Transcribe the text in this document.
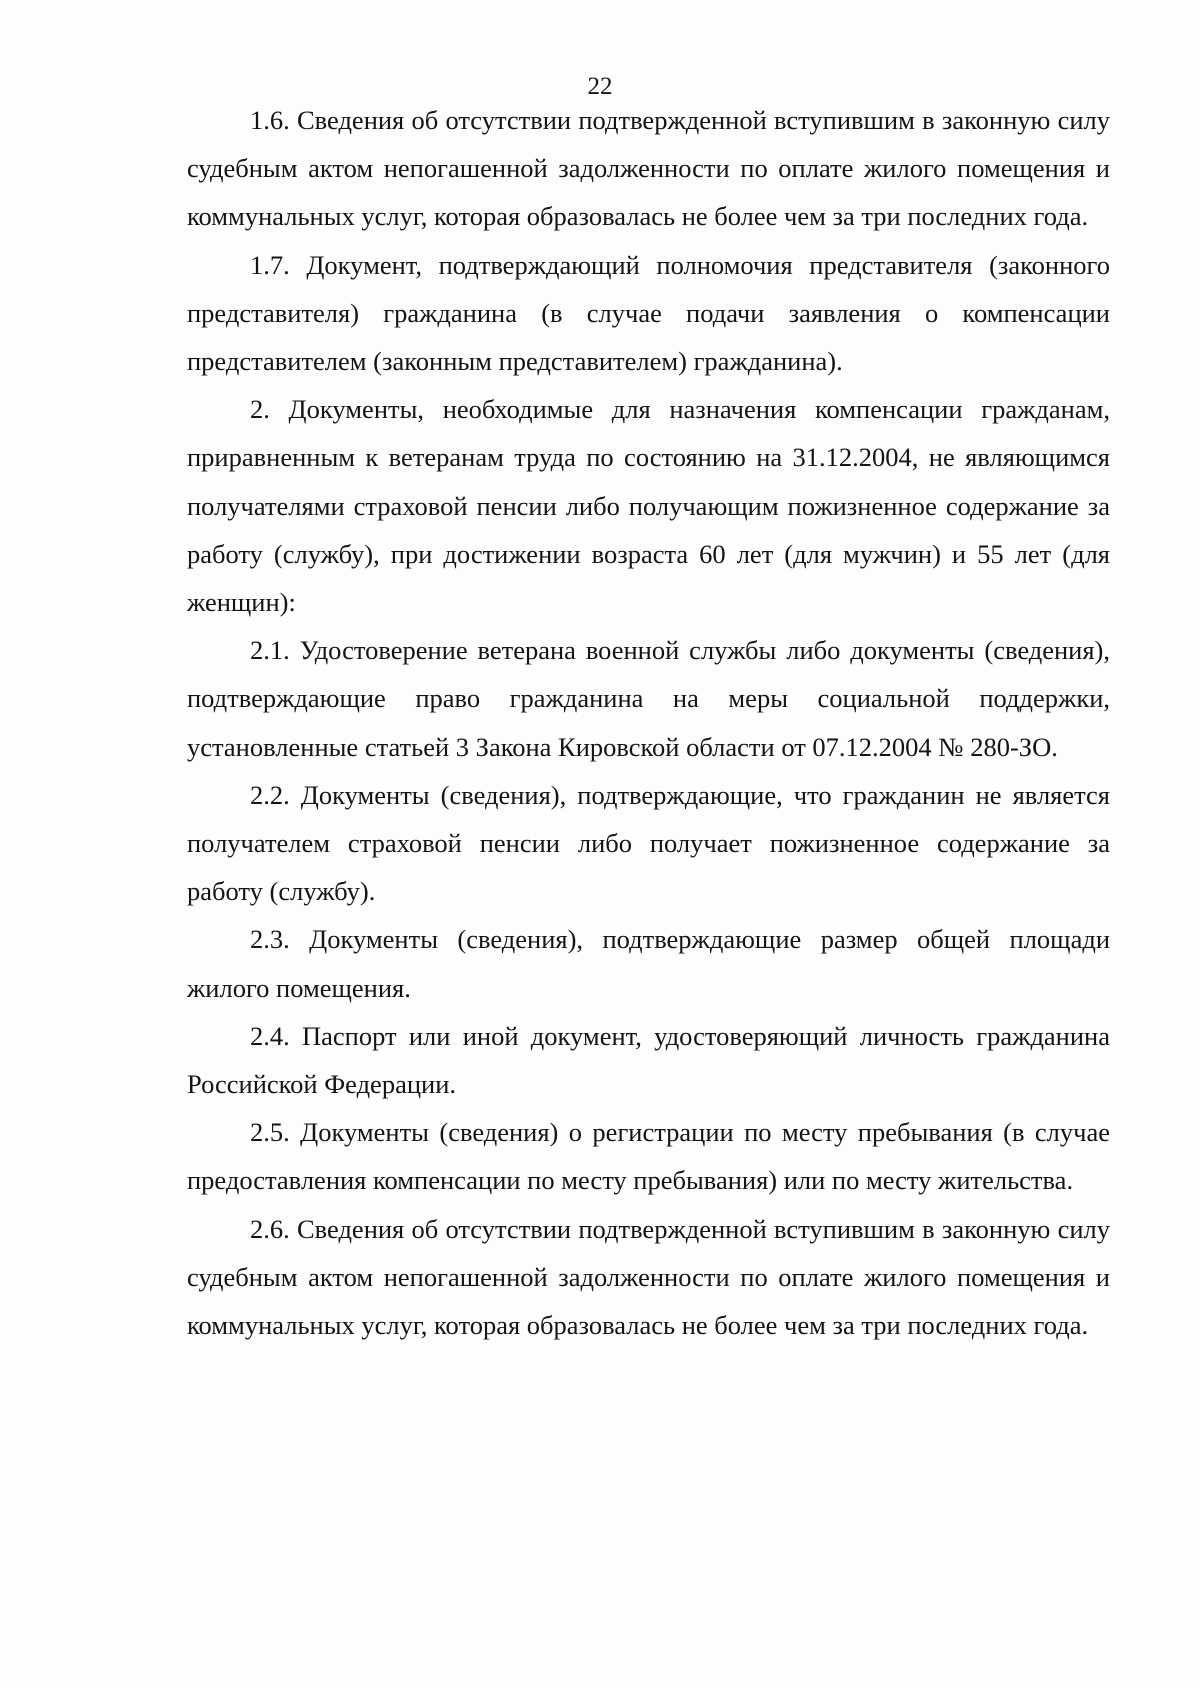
22

1.6. Сведения об отсутствии подтвержденной вступившим в законную силу судебным актом непогашенной задолженности по оплате жилого помещения и коммунальных услуг, которая образовалась не более чем за три последних года.

1.7. Документ, подтверждающий полномочия представителя (законного представителя) гражданина (в случае подачи заявления о компенсации представителем (законным представителем) гражданина).

2. Документы, необходимые для назначения компенсации гражданам, приравненным к ветеранам труда по состоянию на 31.12.2004, не являющимся получателями страховой пенсии либо получающим пожизненное содержание за работу (службу), при достижении возраста 60 лет (для мужчин) и 55 лет (для женщин):

2.1. Удостоверение ветерана военной службы либо документы (сведения), подтверждающие право гражданина на меры социальной поддержки, установленные статьей 3 Закона Кировской области от 07.12.2004 № 280-ЗО.

2.2. Документы (сведения), подтверждающие, что гражданин не является получателем страховой пенсии либо получает пожизненное содержание за работу (службу).

2.3. Документы (сведения), подтверждающие размер общей площади жилого помещения.

2.4. Паспорт или иной документ, удостоверяющий личность гражданина Российской Федерации.

2.5. Документы (сведения) о регистрации по месту пребывания (в случае предоставления компенсации по месту пребывания) или по месту жительства.

2.6. Сведения об отсутствии подтвержденной вступившим в законную силу судебным актом непогашенной задолженности по оплате жилого помещения и коммунальных услуг, которая образовалась не более чем за три последних года.
